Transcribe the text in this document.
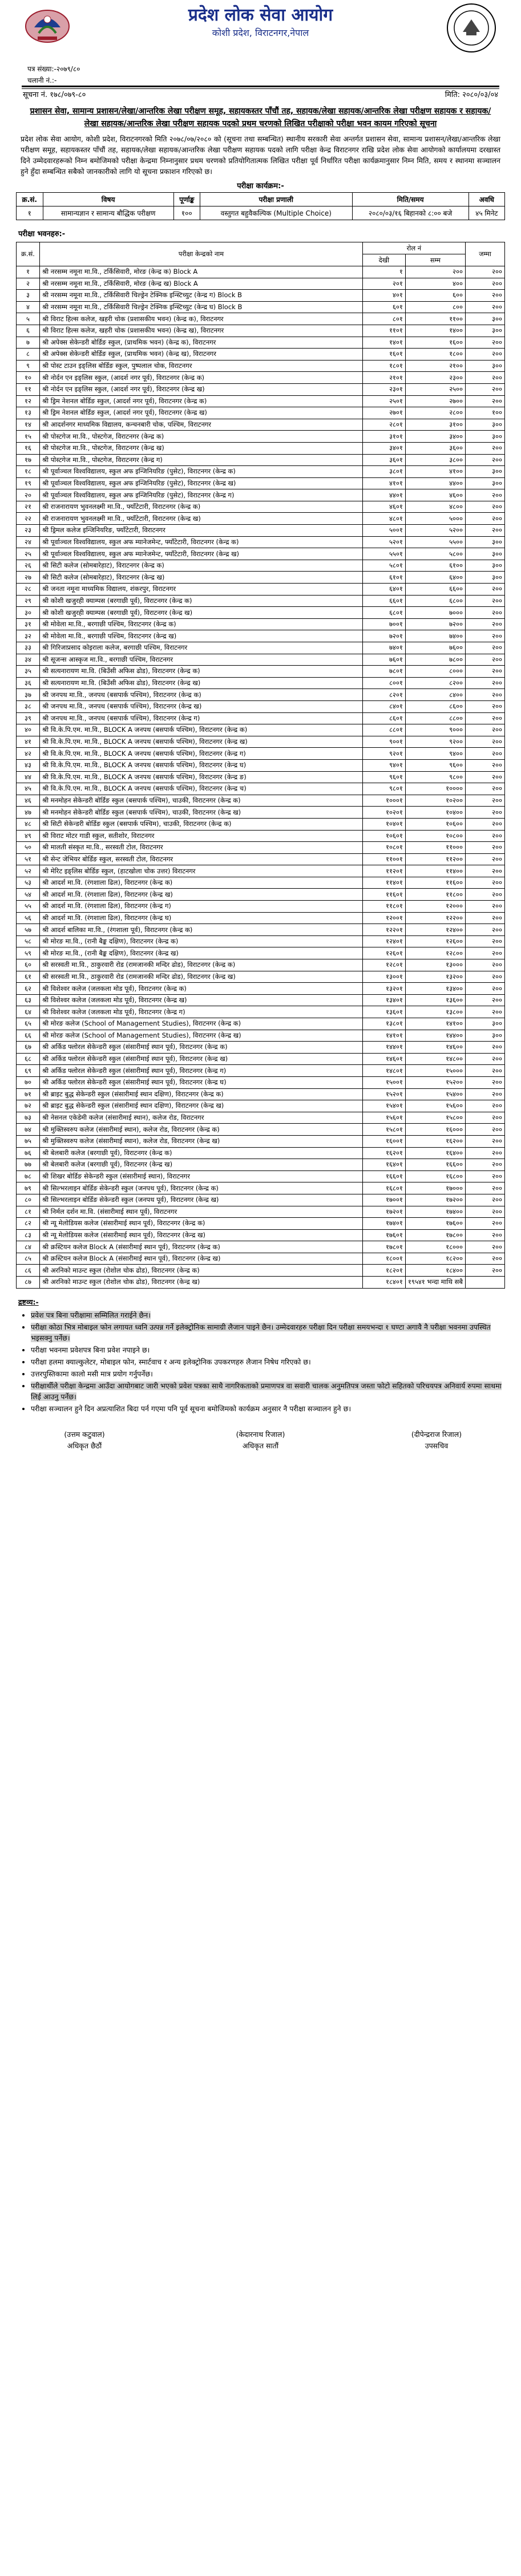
प्रदेश लोक सेवा आयोग
कोशी प्रदेश, विराटनगर,नेपाल
पत्र संख्या:-२०७९/८०
चलानी नं.:-
सूचना नं. १७८/०७९-८०	मिति: २०८०/०३/०४
प्रशासन सेवा, सामान्य प्रशासन/लेखा/आन्तरिक लेखा परीक्षण समूह, सहायकस्तर पाँचौं तह, सहायक/लेखा सहायक/आन्तरिक लेखा परीक्षण सहायक र सहायक/लेखा सहायक/आन्तरिक लेखा परीक्षण सहायक पदको प्रथम चरणको लिखित परीक्षाको परीक्षा भवन कायम गरिएको सूचना
प्रदेश लोक सेवा आयोग, कोशी प्रदेश, विराटनगरको मिति २०७८/०७/२०८० को (सूचना तथा सम्बन्धित) स्थानीय सरकारी सेवा अन्तर्गत प्रशासन सेवा, सामान्य प्रशासन/लेखा/आन्तरिक लेखा परीक्षण समूह, सहायकस्तर पाँचौं तह, सहायक/लेखा सहायक/आन्तरिक लेखा परीक्षण सहायक पदको लागि परीक्षा केन्द्र विराटनगर राखि प्रदेश लोक सेवा आयोगको कार्यालयमा दरखास्त दिने उम्मेदवारहरूको निम्न बमोजिमको परीक्षा केन्द्रमा निम्नानुसार प्रथम चरणको प्रतियोगितात्मक लिखित परीक्षा पूर्व निर्धारित परीक्षा कार्यक्रमानुसार निम्न मिति, समय र स्थानमा सञ्चालन हुने हुँदा सम्बन्धित सबैको जानकारीको लागि यो सूचना प्रकाशन गरिएको छ।
परीक्षा कार्यक्रम:-
क्र.सं.	विषय	पूर्णाङ्क	परीक्षा प्रणाली	मिति/समय	अवधि
१	सामान्यज्ञान र सामान्य बौद्धिक परीक्षण	१००	वस्तुगत बहुवैकल्पिक (Multiple Choice)	२०८०/०३/१६ बिहानको ८:०० बजे	४५ मिनेट
परीक्षा भवनहरु:-
क्र.सं.	परीक्षा केन्द्रको नाम	रोल नं		जम्मा
		देखी	सम्म	
१	श्री नरसम्म नमूना मा.वि., टर्किसिवारी, मोरङ (केन्द्र क) Block A	१	२००	२००
२	श्री नरसम्म नमूना मा.वि., टर्किसिवारी, मोरङ (केन्द्र ख) Block A	२०१	४००	२००
३	श्री नरसम्म नमूना मा.वि., टर्किसिवारी चिल्ड्रेन टेक्निक इन्स्टिच्युट (केन्द्र ग) Block B	४०१	६००	२००
४	श्री नरसम्म नमूना मा.वि., टर्किसिवारी चिल्ड्रेन टेक्निक इन्स्टिच्युट (केन्द्र घ) Block B	६०१	८००	२००
५	श्री विराट हिल्स कलेज, खहरी चोक (प्रशासकीय भवन) (केन्द्र क), विराटनगर	८०१	११००	३००
६	श्री विराट हिल्स कलेज, खहरी चोक (प्रशासकीय भवन) (केन्द्र ख), विराटनगर	११०१	१४००	३००
७	श्री अपेक्स सेकेन्डरी बोर्डिङ स्कुल, (प्राथमिक भवन) (केन्द्र क), विराटनगर	१४०१	१६००	२००
८	श्री अपेक्स सेकेन्डरी बोर्डिङ स्कुल, (प्राथमिक भवन) (केन्द्र ख), विराटनगर	१६०१	१८००	२००
९	श्री पोस्ट टाउन इङ्लिस बोर्डिङ स्कुल, पुष्पलाल चोक, विराटनगर	१८०१	२१००	३००
१०	श्री नोर्दन एन इङ्लिस स्कुल, (आदर्श नगर पूर्व), विराटनगर (केन्द्र क)	२१०१	२३००	२००
११	श्री नोर्दन एन इङ्लिस स्कुल, (आदर्श नगर पूर्व), विराटनगर (केन्द्र ख)	२३०१	२५००	२००
१२	श्री ड्रिम नेशनल बोर्डिङ स्कुल, (आदर्श नगर पूर्व), विराटनगर (केन्द्र क)	२५०१	२७००	२००
१३	श्री ड्रिम नेशनल बोर्डिङ स्कुल, (आदर्श नगर पूर्व), विराटनगर (केन्द्र ख)	२७०१	२८००	१००
१४	श्री आदर्शनगर माध्यमिक विद्यालय, कन्चनबारी चोक, पश्चिम, विराटनगर	२८०१	३१००	३००
१५	श्री पोस्टगेज मा.वि., पोस्टगेज, विराटनगर (केन्द्र क)	३१०१	३४००	३००
१६	श्री पोस्टगेज मा.वि., पोस्टगेज, विराटनगर (केन्द्र ख)	३४०१	३६००	२००
१७	श्री पोस्टगेज मा.वि., पोस्टगेज, विराटनगर (केन्द्र ग)	३६०१	३८००	२००
१८	श्री पूर्वाञ्चल विश्वविद्यालय, स्कुल अफ इन्जिनियरिङ (पुसेट), विराटनगर (केन्द्र क)	३८०१	४१००	३००
१९	श्री पूर्वाञ्चल विश्वविद्यालय, स्कुल अफ इन्जिनियरिङ (पुसेट), विराटनगर (केन्द्र ख)	४१०१	४४००	३००
२०	श्री पूर्वाञ्चल विश्वविद्यालय, स्कुल अफ इन्जिनियरिङ (पुसेट), विराटनगर (केन्द्र ग)	४४०१	४६००	२००
२१	श्री राजनारायण भुवनलक्ष्मी मा.वि., फ्याँटेटारी, विराटनगर (केन्द्र क)	४६०१	४८००	२००
२२	श्री राजनारायण भुवनलक्ष्मी मा.वि., फ्याँटेटारी, विराटनगर (केन्द्र ख)	४८०१	५०००	२००
२३	श्री ड्रिमल कलेज इन्जिनियरिङ, फ्याँटेटारी, विराटनगर	५००१	५२००	२००
२४	श्री पूर्वाञ्चल विश्वविद्यालय, स्कुल अफ म्यानेजमेन्ट, फ्याँटेटारी, विराटनगर (केन्द्र क)	५२०१	५५००	३००
२५	श्री पूर्वाञ्चल विश्वविद्यालय, स्कुल अफ म्यानेजमेन्ट, फ्याँटेटारी, विराटनगर (केन्द्र ख)	५५०१	५८००	३००
२६	श्री सिटी कलेज (सोमबारेहाट), विराटनगर (केन्द्र क)	५८०१	६१००	३००
२७	श्री सिटी कलेज (सोमबारेहाट), विराटनगर (केन्द्र ख)	६१०१	६४००	३००
२८	श्री जनता नमूना माध्यमिक विद्यालय, शंकरपुर, विराटनगर	६४०१	६६००	२००
२९	श्री कोशी खजुरही क्याम्पस (बरगाछी पूर्व), विराटनगर (केन्द्र क)	६६०१	६८००	२००
३०	श्री कोशी खजुरही क्याम्पस (बरगाछी पूर्व), विराटनगर (केन्द्र ख)	६८०१	७०००	२००
३१	श्री मोवेला मा.वि., बरगाछी पश्चिम, विराटनगर (केन्द्र क)	७००१	७२००	२००
३२	श्री मोवेला मा.वि., बरगाछी पश्चिम, विराटनगर (केन्द्र ख)	७२०१	७४००	२००
३३	श्री गिरिजाप्रसाद कोइराला कलेज, बरगाछी पश्चिम, विराटनगर	७४०१	७६००	२००
३४	श्री सूजन्स आस्कृज मा.वि., बरगाछी पश्चिम, विराटनगर	७६०१	७८००	२००
३५	श्री सत्यनारायण मा.वि. (बिउँसी अफिस ढोड), विराटनगर (केन्द्र क)	७८०१	८०००	२००
३६	श्री सत्यनारायण मा.वि. (बिउँसी अफिस ढोड), विराटनगर (केन्द्र ख)	८००१	८२००	२००
३७	श्री जनपथ मा.वि., जनपथ (बसपार्क पश्चिम), विराटनगर (केन्द्र क)	८२०१	८४००	२००
३८	श्री जनपथ मा.वि., जनपथ (बसपार्क पश्चिम), विराटनगर (केन्द्र ख)	८४०१	८६००	२००
३९	श्री जनपथ मा.वि., जनपथ (बसपार्क पश्चिम), विराटनगर (केन्द्र ग)	८६०१	८८००	२००
४०	श्री वि.के.पि.एम. मा.वि., BLOCK A जनपथ (बसपार्क पश्चिम), विराटनगर (केन्द्र क)	८८०१	९०००	२००
४१	श्री वि.के.पि.एम. मा.वि., BLOCK A जनपथ (बसपार्क पश्चिम), विराटनगर (केन्द्र ख)	९००१	९२००	२००
४२	श्री वि.के.पि.एम. मा.वि., BLOCK A जनपथ (बसपार्क पश्चिम), विराटनगर (केन्द्र ग)	९२०१	९४००	२००
४३	श्री वि.के.पि.एम. मा.वि., BLOCK A जनपथ (बसपार्क पश्चिम), विराटनगर (केन्द्र घ)	९४०१	९६००	२००
४४	श्री वि.के.पि.एम. मा.वि., BLOCK A जनपथ (बसपार्क पश्चिम), विराटनगर (केन्द्र ङ)	९६०१	९८००	२००
४५	श्री वि.के.पि.एम. मा.वि., BLOCK A जनपथ (बसपार्क पश्चिम), विराटनगर (केन्द्र च)	९८०१	१००००	२००
४६	श्री मनमोहन सेकेन्डरी बोर्डिङ स्कुल (बसपार्क पश्चिम), चाउकी, विराटनगर (केन्द्र क)	१०००१	१०२००	२००
४७	श्री मनमोहन सेकेन्डरी बोर्डिङ स्कुल (बसपार्क पश्चिम), चाउकी, विराटनगर (केन्द्र ख)	१०२०१	१०४००	२००
४८	श्री सिटी सेकेन्डरी बोर्डिङ स्कुल (बसपार्क पश्चिम), चाउकी, विराटनगर (केन्द्र क)	१०४०१	१०६००	२००
४९	श्री विराट मोटर गाडी स्कुल, सतीशोर, विराटनगर	१०६०१	१०८००	२००
५०	श्री मालती संस्कृत मा.वि., सरस्वती टोल, विराटनगर	१०८०१	११०००	२००
५१	श्री सेन्ट जेभियर बोर्डिङ स्कुल, सरस्वती टोल, विराटनगर	११००१	११२००	२००
५२	श्री मेरिट इङ्लिस बोर्डिङ स्कुल, (हाटखोला चोक उत्तर) विराटनगर	११२०१	११४००	२००
५३	श्री आदर्श मा.वि. (रंगशाला ढिल), विराटनगर (केन्द्र क)	११४०१	११६००	२००
५४	श्री आदर्श मा.वि. (रंगशाला ढिल), विराटनगर (केन्द्र ख)	११६०१	११८००	२००
५५	श्री आदर्श मा.वि. (रंगशाला ढिल), विराटनगर (केन्द्र ग)	११८०१	१२०००	२००
५६	श्री आदर्श मा.वि. (रंगशाला ढिल), विराटनगर (केन्द्र घ)	१२००१	१२२००	२००
५७	श्री आदर्श बालिका मा.वि., (रंगशाला पूर्व), विराटनगर (केन्द्र क)	१२२०१	१२४००	२००
५८	श्री मोरङ मा.वि., (रानी बैङ्क दक्षिण), विराटनगर (केन्द्र क)	१२४०१	१२६००	२००
५९	श्री मोरङ मा.वि., (रानी बैङ्क दक्षिण), विराटनगर (केन्द्र ख)	१२६०१	१२८००	२००
६०	श्री सरस्वती मा.वि., ठाकुरवारी रोड (रामजानकी मन्दिर ढोड), विराटनगर (केन्द्र क)	१२८०१	१३०००	२००
६१	श्री सरस्वती मा.वि., ठाकुरवारी रोड (रामजानकी मन्दिर ढोड), विराटनगर (केन्द्र ख)	१३००१	१३२००	२००
६२	श्री विशेश्वर कलेज (जलकला मोड पूर्व), विराटनगर (केन्द्र क)	१३२०१	१३४००	२००
६३	श्री विशेश्वर कलेज (जलकला मोड पूर्व), विराटनगर (केन्द्र ख)	१३४०१	१३६००	२००
६४	श्री विशेश्वर कलेज (जलकला मोड पूर्व), विराटनगर (केन्द्र ग)	१३६०१	१३८००	२००
६५	श्री मोरङ कलेज (School of Management Studies), विराटनगर (केन्द्र क)	१३८०१	१४१००	३००
६६	श्री मोरङ कलेज (School of Management Studies), विराटनगर (केन्द्र ख)	१४१०१	१४४००	३००
६७	श्री अर्किड फ्लोरल सेकेन्डरी स्कुल (संसारीमाई स्थान पूर्व), विराटनगर (केन्द्र क)	१४४०१	१४६००	२००
६८	श्री अर्किड फ्लोरल सेकेन्डरी स्कुल (संसारीमाई स्थान पूर्व), विराटनगर (केन्द्र ख)	१४६०१	१४८००	२००
६९	श्री अर्किड फ्लोरल सेकेन्डरी स्कुल (संसारीमाई स्थान पूर्व), विराटनगर (केन्द्र ग)	१४८०१	१५०००	२००
७०	श्री अर्किड फ्लोरल सेकेन्डरी स्कुल (संसारीमाई स्थान पूर्व), विराटनगर (केन्द्र घ)	१५००१	१५२००	२००
७१	श्री ब्राइट बुद्ध सेकेन्डरी स्कुल (संसारीमाई स्थान दक्षिण), विराटनगर (केन्द्र क)	१५२०१	१५४००	२००
७२	श्री ब्राइट बुद्ध सेकेन्डरी स्कुल (संसारीमाई स्थान दक्षिण), विराटनगर (केन्द्र ख)	१५४०१	१५६००	२००
७३	श्री नेसनल एकेडेमी कलेज (संसारीमाई स्थान), कलेज रोड, विराटनगर	१५६०१	१५८००	२००
७४	श्री मुक्तिस्वरुप कलेज (संसारीमाई स्थान), कलेज रोड, विराटनगर (केन्द्र क)	१५८०१	१६०००	२००
७५	श्री मुक्तिस्वरुप कलेज (संसारीमाई स्थान), कलेज रोड, विराटनगर (केन्द्र ख)	१६००१	१६२००	२००
७६	श्री बेलबारी कलेज (बरगाछी पूर्व), विराटनगर (केन्द्र क)	१६२०१	१६४००	२००
७७	श्री बेलबारी कलेज (बरगाछी पूर्व), विराटनगर (केन्द्र ख)	१६४०१	१६६००	२००
७८	श्री शिखर बोर्डिङ सेकेन्डरी स्कुल (संसारीमाई स्थान), विराटनगर	१६६०१	१६८००	२००
७९	श्री सिल्भरलाइन बोर्डिङ सेकेन्डरी स्कुल (जनपथ पूर्व), विराटनगर (केन्द्र क)	१६८०१	१७०००	२००
८०	श्री सिल्भरलाइन बोर्डिङ सेकेन्डरी स्कुल (जनपथ पूर्व), विराटनगर (केन्द्र ख)	१७००१	१७२००	२००
८१	श्री निर्मल दर्शन मा.वि. (संसारीमाई स्थान पूर्व), विराटनगर	१७२०१	१७४००	२००
८२	श्री न्यू मेलोडियस कलेज (संसारीमाई स्थान पूर्व), विराटनगर (केन्द्र क)	१७४०१	१७६००	२००
८३	श्री न्यू मेलोडियस कलेज (संसारीमाई स्थान पूर्व), विराटनगर (केन्द्र ख)	१७६०१	१७८००	२००
८४	श्री क्रस्टियन कलेज Block A (संसारीमाई स्थान पूर्व), विराटनगर (केन्द्र क)	१७८०१	१८०००	२००
८५	श्री क्रस्टियन कलेज Block A (संसारीमाई स्थान पूर्व), विराटनगर (केन्द्र ख)	१८००१	१८२००	२००
८६	श्री अरनिको माउन्ट स्कुल (रोशोल चोक ढोड), विराटनगर (केन्द्र क)	१८२०१	१८४००	२००
८७	श्री अरनिको माउन्ट स्कुल (रोशोल चोक ढोड), विराटनगर (केन्द्र ख)	१८४०१	१९५४१ भन्दा माथि सबै	
द्रष्टव्य:-
• प्रवेश पत्र बिना परीक्षामा सम्मिलित गराईने छैन।
• परीक्षा कोठा भित्र मोबाइल फोन लगायत ध्वनि उत्पन्न गर्ने इलेक्ट्रोनिक सामाग्री लैजान पाइने छैन। उम्मेदवारहरु परीक्षा दिन परीक्षा समयभन्दा १ घण्टा अगावै नै परीक्षा भवनमा उपस्थित भइसक्नु पर्नेछ।
• परीक्षा भवनमा प्रवेशपत्र बिना प्रवेश नपाइने छ।
• परीक्षा हलमा क्याल्कुलेटर, मोबाइल फोन, स्मार्टवाच र अन्य इलेक्ट्रोनिक उपकरणहरु लैजान निषेध गरिएको छ।
• उत्तरपुस्तिकामा कालो मसी मात्र प्रयोग गर्नुपर्नेछ।
• परीक्षार्थीले परीक्षा केन्द्रमा आउँदा आयोगबाट जारी भएको प्रवेश पत्रका साथै नागरिकताको प्रमाणपत्र वा सवारी चालक अनुमतिपत्र जस्ता फोटो सहितको परिचयपत्र अनिवार्य रुपमा साथमा लिई आउनु पर्नेछ।
• परीक्षा सञ्चालन हुने दिन अप्रत्याशित बिदा पर्न गएमा पनि पूर्व सूचना बमोजिमको कार्यक्रम अनुसार नै परीक्षा सञ्चालन हुने छ।
(उत्तम कटुवाल)
अधिकृत छैठौं
(केदारनाथ रिजाल)
अधिकृत सातौं
(दीपेन्द्रराज रिजाल)
उपसचिव
